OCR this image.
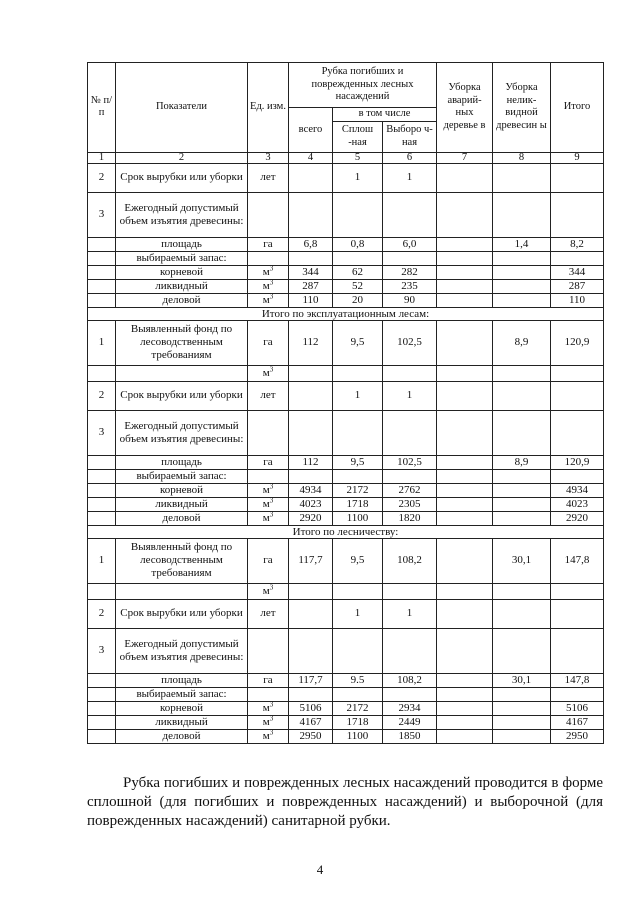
№ п/ п	Показатели	Ед. изм.	Рубка погибших и поврежденных лесных насаждений			Уборка аварий- ных деревье в	Уборка нелик- видной древесин ы	Итого
			всего	в том числе				
				Сплош -ная	Выборо ч-ная			
1	2	3	4	5	6	7	8	9
2	Срок вырубки или уборки	лет		1	1			
3	Ежегодный допустимый объем изъятия древесины:							
	площадь	га	6,8	0,8	6,0		1,4	8,2
	выбираемый запас:							
	корневой	$м^3$	344	62	282			344
	ликвидный	$м^3$	287	52	235			287
	деловой	$м^3$	110	20	90			110
Итого по эксплуатационным лесам:								
1	Выявленный фонд по лесоводственным требованиям	га	112	9,5	102,5		8,9	120,9
		$м^3$						
2	Срок вырубки или уборки	лет		1	1			
3	Ежегодный допустимый объем изъятия древесины:							
	площадь	га	112	9,5	102,5		8,9	120,9
	выбираемый запас:							
	корневой	$м^3$	4934	2172	2762			4934
	ликвидный	$м^3$	4023	1718	2305			4023
	деловой	$м^3$	2920	1100	1820			2920
Итого по лесничеству:								
1	Выявленный фонд по лесоводственным требованиям	га	117,7	9,5	108,2		30,1	147,8
		$м^3$						
2	Срок вырубки или уборки	лет		1	1			
3	Ежегодный допустимый объем изъятия древесины:							
	площадь	га	117,7	9.5	108,2		30,1	147,8
	выбираемый запас:							
	корневой	$м^3$	5106	2172	2934			5106
	ликвидный	$м^3$	4167	1718	2449			4167
	деловой	$м^3$	2950	1100	1850			2950
Рубка погибших и поврежденных лесных насаждений проводится в форме сплошной (для погибших и поврежденных насаждений) и выборочной (для поврежденных насаждений) санитарной рубки.
4
